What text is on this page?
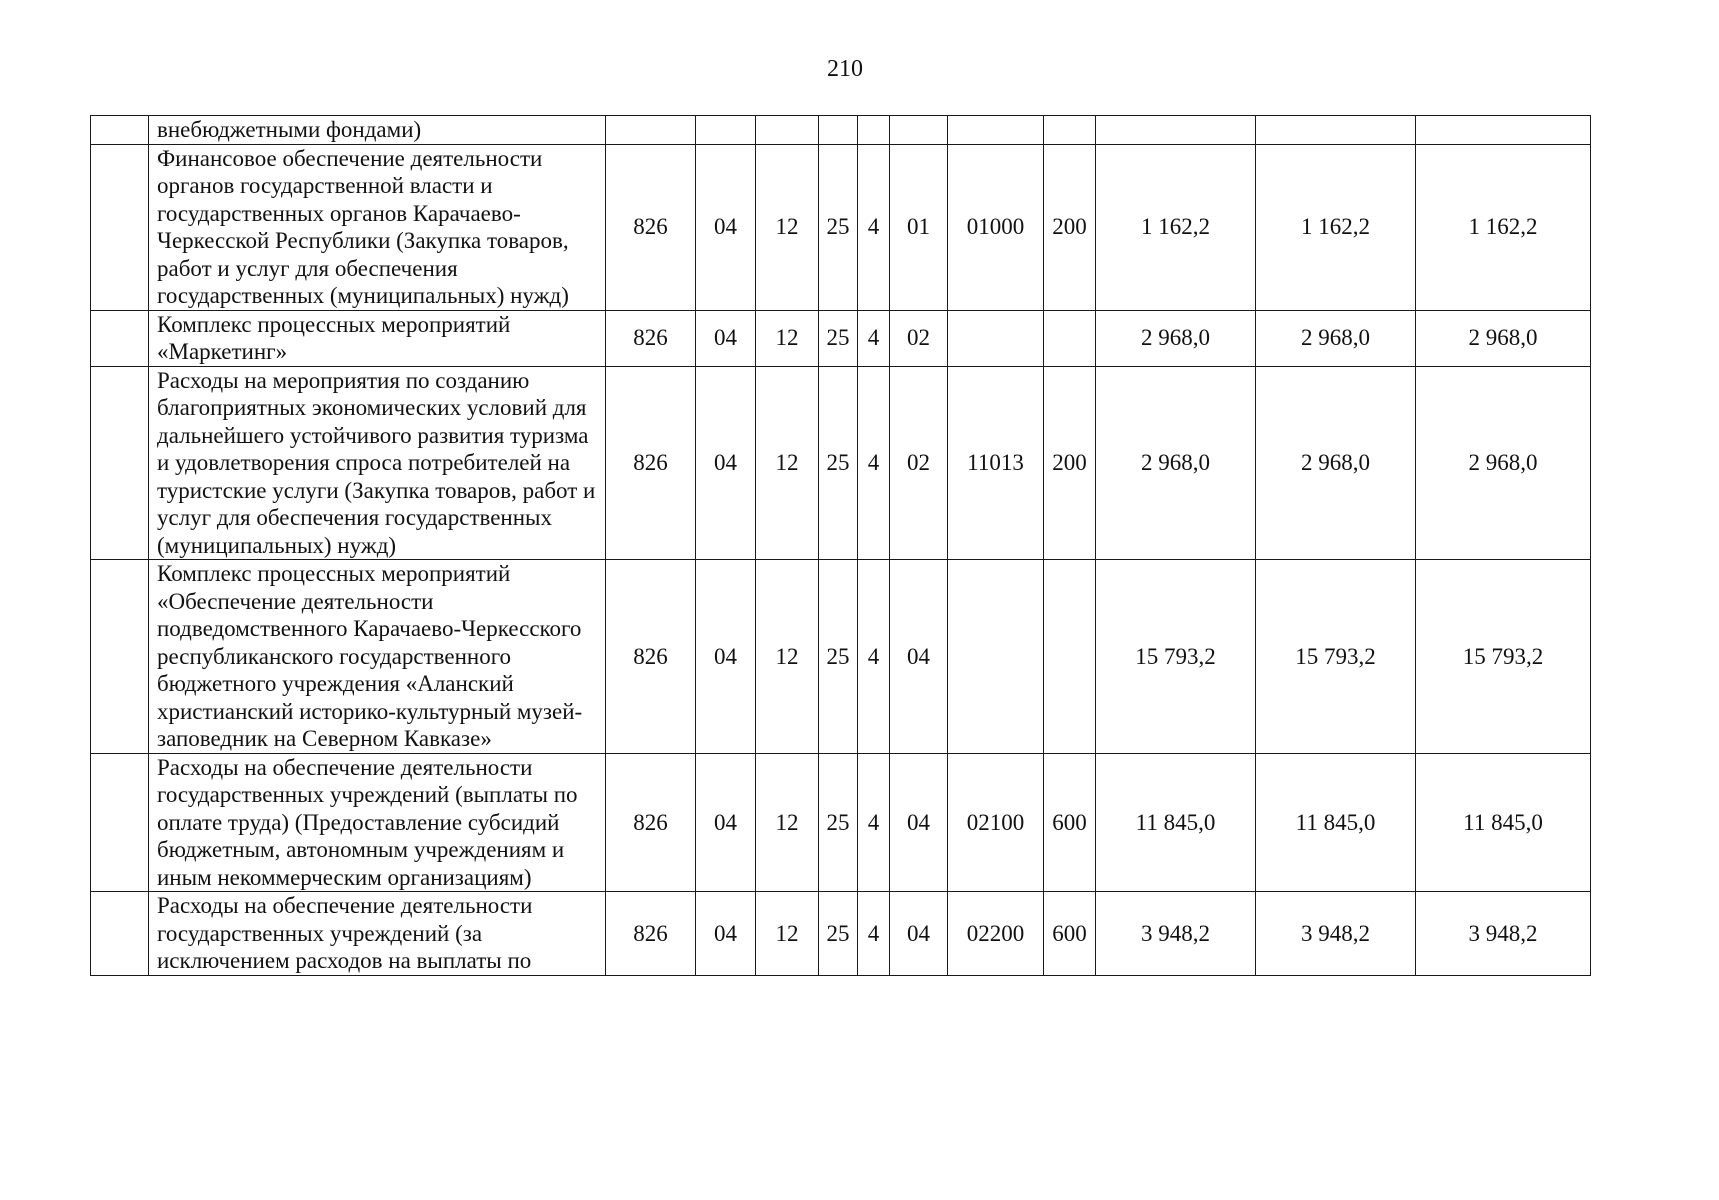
210
	внебюджетными фондами)											
	Финансовое обеспечение деятельности органов государственной власти и государственных органов Карачаево-Черкесской Республики (Закупка товаров, работ и услуг для обеспечения государственных (муниципальных) нужд)	826	04	12	25	4	01	01000	200	1 162,2	1 162,2	1 162,2
	Комплекс процессных мероприятий «Маркетинг»	826	04	12	25	4	02			2 968,0	2 968,0	2 968,0
	Расходы на мероприятия по созданию благоприятных экономических условий для дальнейшего устойчивого развития туризма и удовлетворения спроса потребителей на туристские услуги (Закупка товаров, работ и услуг для обеспечения государственных (муниципальных) нужд)	826	04	12	25	4	02	11013	200	2 968,0	2 968,0	2 968,0
	Комплекс процессных мероприятий «Обеспечение деятельности подведомственного Карачаево-Черкесского республиканского государственного бюджетного учреждения «Аланский христианский историко-культурный музей-заповедник на Северном Кавказе»	826	04	12	25	4	04			15 793,2	15 793,2	15 793,2
	Расходы на обеспечение деятельности государственных учреждений (выплаты по оплате труда) (Предоставление субсидий бюджетным, автономным учреждениям и иным некоммерческим организациям)	826	04	12	25	4	04	02100	600	11 845,0	11 845,0	11 845,0
	Расходы на обеспечение деятельности государственных учреждений (за исключением расходов на выплаты по	826	04	12	25	4	04	02200	600	3 948,2	3 948,2	3 948,2
